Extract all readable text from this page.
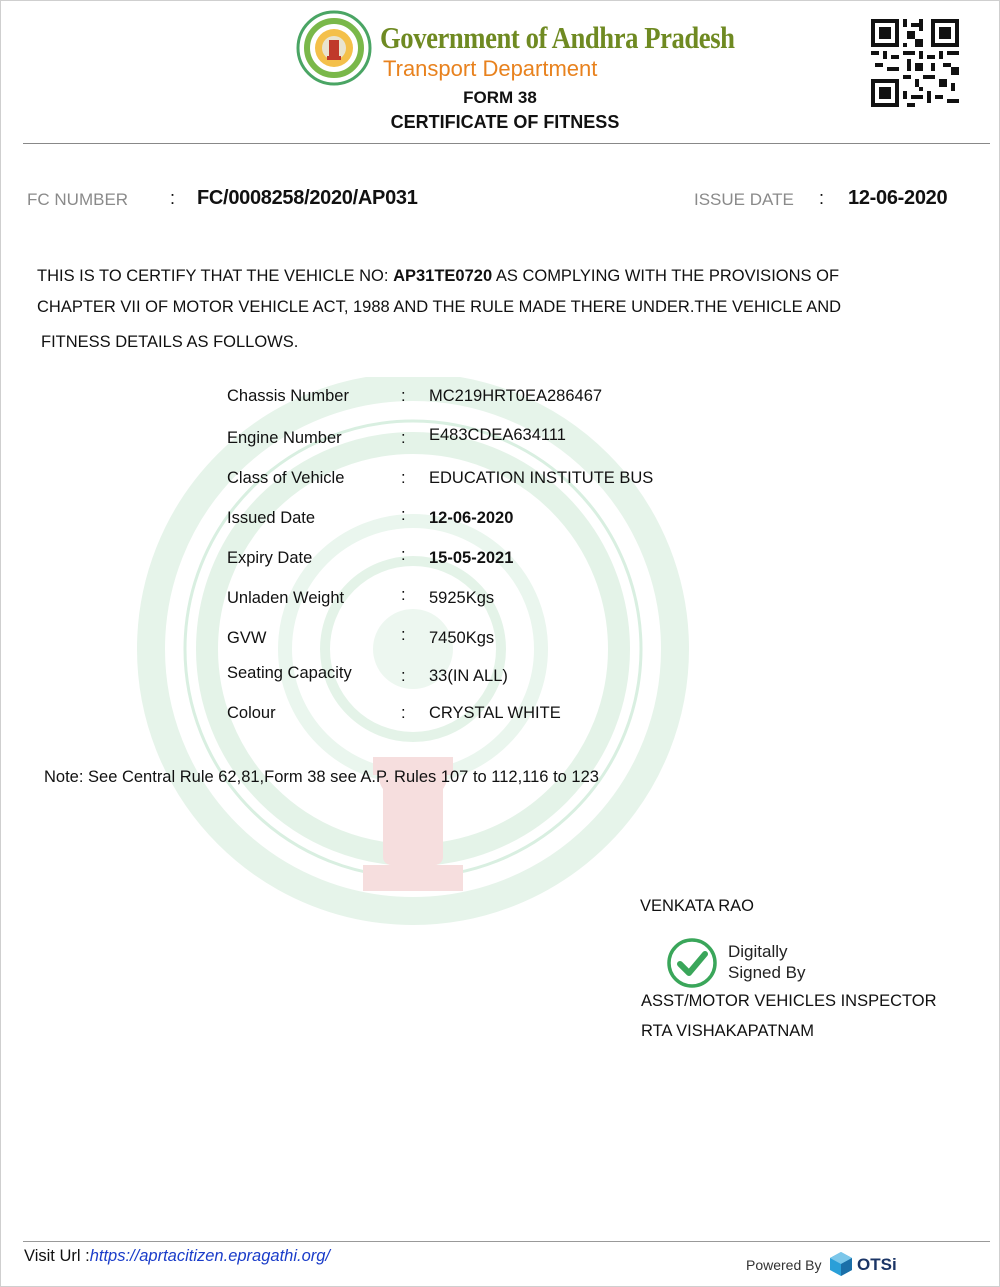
Government of Andhra Pradesh
Transport Department
FORM 38
CERTIFICATE OF FITNESS
FC NUMBER : FC/0008258/2020/AP031	ISSUE DATE : 12-06-2020
THIS IS TO CERTIFY THAT THE VEHICLE NO: AP31TE0720 AS COMPLYING WITH THE PROVISIONS OF
CHAPTER VII OF MOTOR VEHICLE ACT, 1988 AND THE RULE MADE THERE UNDER.THE VEHICLE AND
FITNESS DETAILS AS FOLLOWS.
Chassis Number	: MC219HRT0EA286467
Engine Number	: E483CDEA634111
Class of Vehicle	: EDUCATION INSTITUTE BUS
Issued Date	: 12-06-2020
Expiry Date	: 15-05-2021
Unladen Weight	: 5925Kgs
GVW	: 7450Kgs
Seating Capacity	: 33(IN ALL)
Colour	: CRYSTAL WHITE
Note: See Central Rule 62,81,Form 38 see A.P. Rules 107 to 112,116 to 123
VENKATA RAO
Digitally
Signed By
ASST/MOTOR VEHICLES INSPECTOR
RTA VISHAKAPATNAM
Visit Url :https://aprtacitizen.epragathi.org/	Powered By OTSi
